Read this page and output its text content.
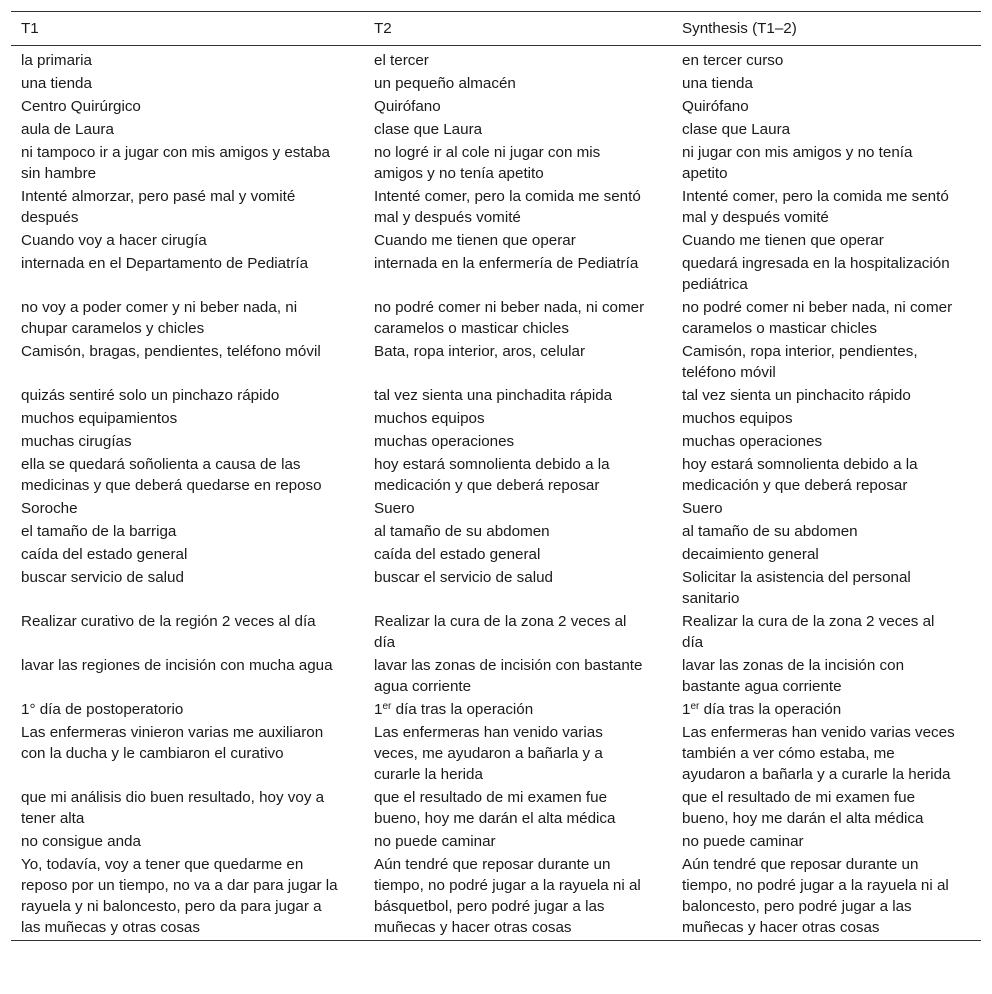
T1	T2	Synthesis (T1–2)
la primaria	el tercer	en tercer curso
una tienda	un pequeño almacén	una tienda
Centro Quirúrgico	Quirófano	Quirófano
aula de Laura	clase que Laura	clase que Laura
ni tampoco ir a jugar con mis amigos y estaba sin hambre	no logré ir al cole ni jugar con mis amigos y no tenía apetito	ni jugar con mis amigos y no tenía apetito
Intenté almorzar, pero pasé mal y vomité después	Intenté comer, pero la comida me sentó mal y después vomité	Intenté comer, pero la comida me sentó mal y después vomité
Cuando voy a hacer cirugía	Cuando me tienen que operar	Cuando me tienen que operar
internada en el Departamento de Pediatría	internada en la enfermería de Pediatría	quedará ingresada en la hospitalización pediátrica
no voy a poder comer y ni beber nada, ni chupar caramelos y chicles	no podré comer ni beber nada, ni comer caramelos o masticar chicles	no podré comer ni beber nada, ni comer caramelos o masticar chicles
Camisón, bragas, pendientes, teléfono móvil	Bata, ropa interior, aros, celular	Camisón, ropa interior, pendientes, teléfono móvil
quizás sentiré solo un pinchazo rápido	tal vez sienta una pinchadita rápida	tal vez sienta un pinchacito rápido
muchos equipamientos	muchos equipos	muchos equipos
muchas cirugías	muchas operaciones	muchas operaciones
ella se quedará soñolienta a causa de las medicinas y que deberá quedarse en reposo	hoy estará somnolienta debido a la medicación y que deberá reposar	hoy estará somnolienta debido a la medicación y que deberá reposar
Soroche	Suero	Suero
el tamaño de la barriga	al tamaño de su abdomen	al tamaño de su abdomen
caída del estado general	caída del estado general	decaimiento general
buscar servicio de salud	buscar el servicio de salud	Solicitar la asistencia del personal sanitario
Realizar curativo de la región 2 veces al día	Realizar la cura de la zona 2 veces al día	Realizar la cura de la zona 2 veces al día
lavar las regiones de incisión con mucha agua	lavar las zonas de incisión con bastante agua corriente	lavar las zonas de la incisión con bastante agua corriente
1° día de postoperatorio	1er día tras la operación	1er día tras la operación
Las enfermeras vinieron varias me auxiliaron con la ducha y le cambiaron el curativo	Las enfermeras han venido varias veces, me ayudaron a bañarla y a curarle la herida	Las enfermeras han venido varias veces también a ver cómo estaba, me ayudaron a bañarla y a curarle la herida
que mi análisis dio buen resultado, hoy voy a tener alta	que el resultado de mi examen fue bueno, hoy me darán el alta médica	que el resultado de mi examen fue bueno, hoy me darán el alta médica
no consigue anda	no puede caminar	no puede caminar
Yo, todavía, voy a tener que quedarme en reposo por un tiempo, no va a dar para jugar la rayuela y ni baloncesto, pero da para jugar a las muñecas y otras cosas	Aún tendré que reposar durante un tiempo, no podré jugar a la rayuela ni al básquetbol, pero podré jugar a las muñecas y hacer otras cosas	Aún tendré que reposar durante un tiempo, no podré jugar a la rayuela ni al baloncesto, pero podré jugar a las muñecas y hacer otras cosas
